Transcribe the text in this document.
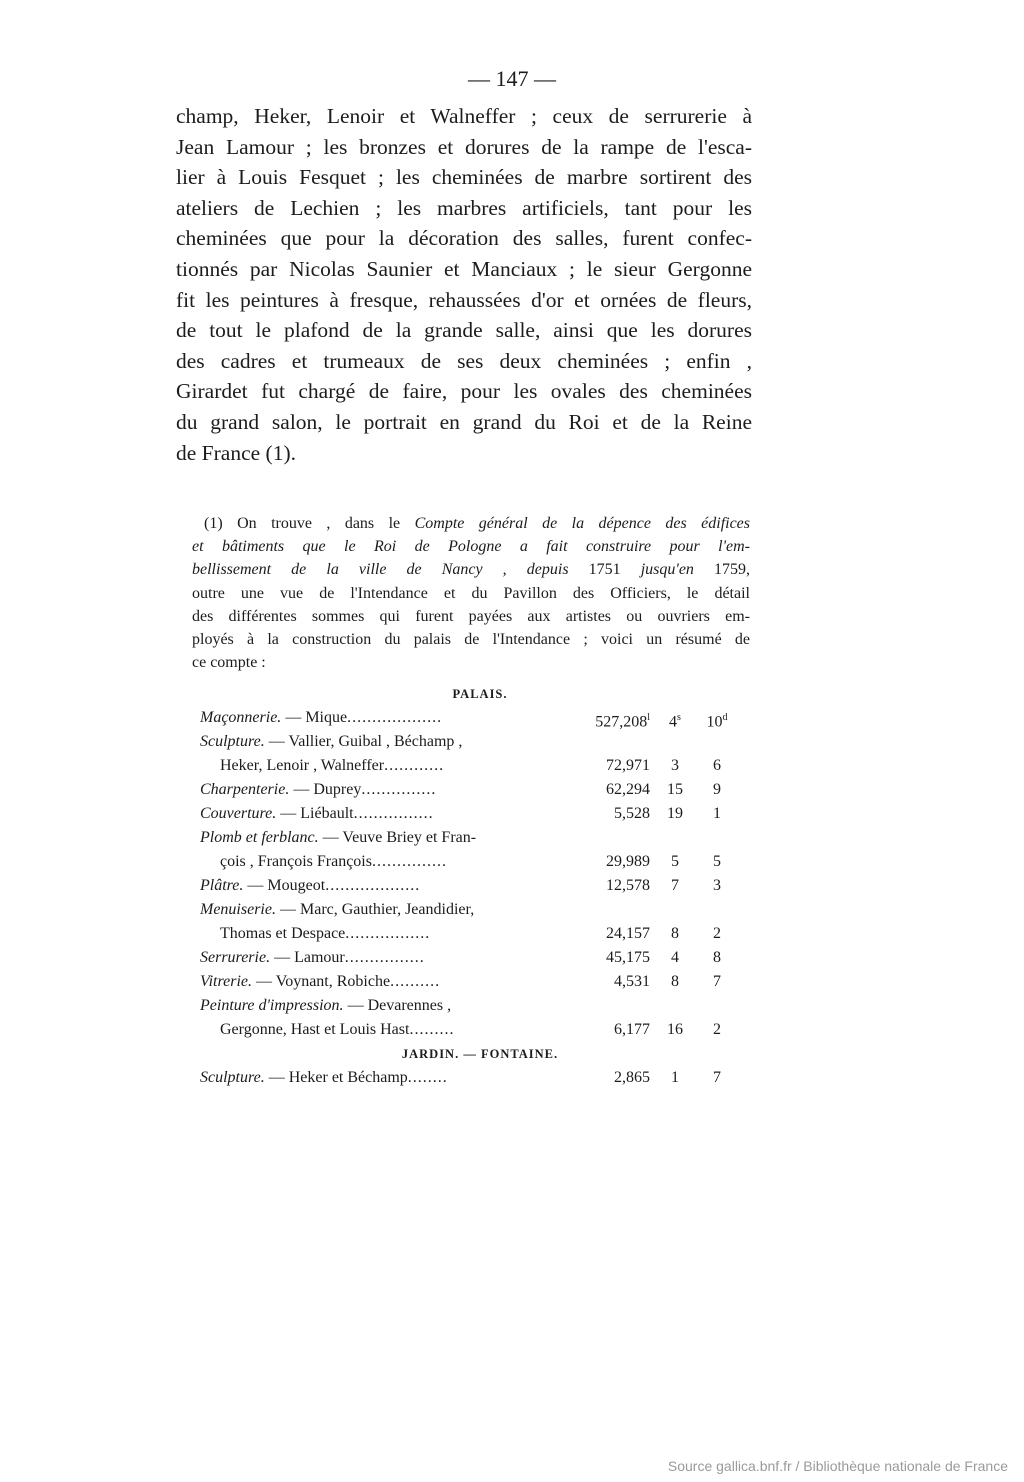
— 147 —
champ, Heker, Lenoir et Walneffer ; ceux de serrurerie à
Jean Lamour ; les bronzes et dorures de la rampe de l'esca-
lier à Louis Fesquet ; les cheminées de marbre sortirent des
ateliers de Lechien ; les marbres artificiels, tant pour les
cheminées que pour la décoration des salles, furent confec-
tionnés par Nicolas Saunier et Manciaux ; le sieur Gergonne
fit les peintures à fresque, rehaussées d'or et ornées de fleurs,
de tout le plafond de la grande salle, ainsi que les dorures
des cadres et trumeaux de ses deux cheminées ; enfin ,
Girardet fut chargé de faire, pour les ovales des cheminées
du grand salon, le portrait en grand du Roi et de la Reine
de France (1).
(1) On trouve , dans le Compte général de la dépence des édifices
et bâtiments que le Roi de Pologne a fait construire pour l'em-
bellissement de la ville de Nancy , depuis 1751 jusqu'en 1759,
outre une vue de l'Intendance et du Pavillon des Officiers, le détail
des différentes sommes qui furent payées aux artistes ou ouvriers em-
ployés à la construction du palais de l'Intendance ; voici un résumé de
ce compte :
PALAIS.
Maçonnerie. — Mique...................	527,208$^l$	4$^s$	10$^d$
Sculpture. — Vallier, Guibal , Béchamp ,
Heker, Lenoir , Walneffer............	72,971	3	6
Charpenterie. — Duprey...............	62,294	15	9
Couverture. — Liébault................	5,528	19	1
Plomb et ferblanc. — Veuve Briey et Fran-
çois , François François...............	29,989	5	5
Plâtre. — Mougeot...................	12,578	7	3
Menuiserie. — Marc, Gauthier, Jeandidier,
Thomas et Despace.................	24,157	8	2
Serrurerie. — Lamour................	45,175	4	8
Vitrerie. — Voynant, Robiche..........	4,531	8	7
Peinture d'impression. — Devarennes ,
Gergonne, Hast et Louis Hast.........	6,177	16	2
JARDIN. — FONTAINE.
Sculpture. — Heker et Béchamp........	2,865	1	7
Source gallica.bnf.fr / Bibliothèque nationale de France
